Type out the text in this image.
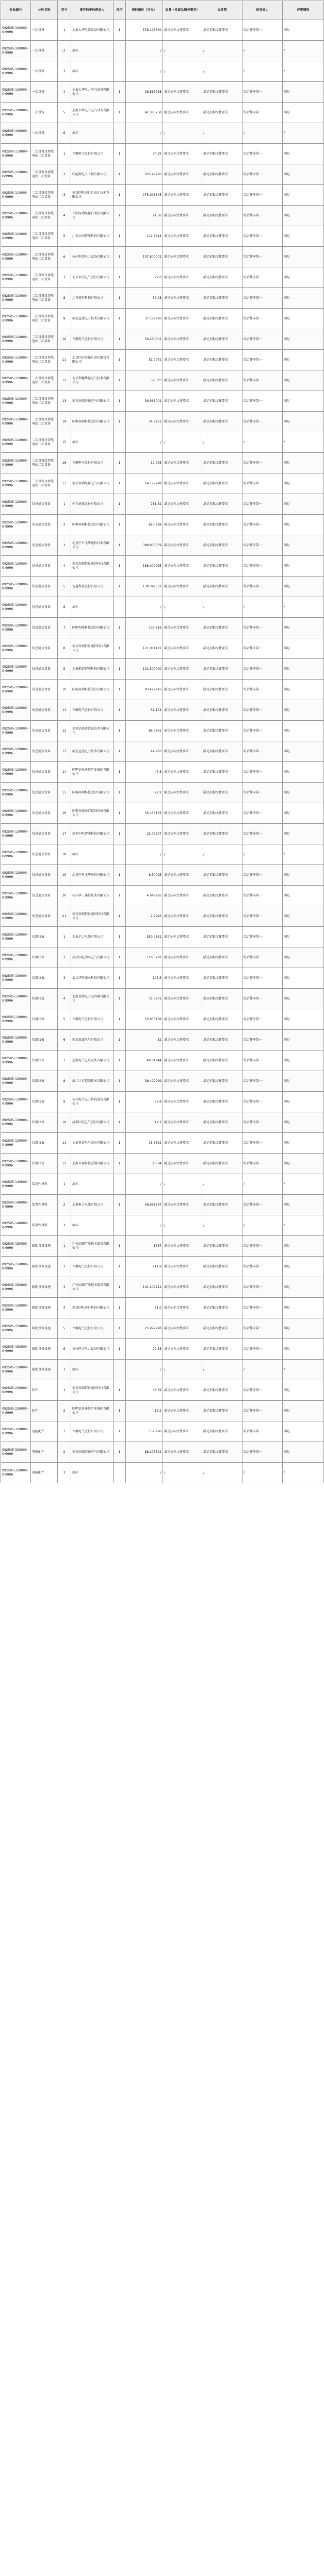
分标编号	分标名称	包号	推荐的中标候选人	排序	投标报价（万元）	质量（性能及服务要求）	交货期	供货能力	评审情况
092505-100000-0-9996	一次设备	1	上海大华电器设备有限公司	1	578.193300	满足招标文件要求	满足招标文件要求	综合排序第一	满足
092505-100000-0-9996	一次设备	2	流标		/	/	/	/	/
092505-100000-0-9996	一次设备	3	流标		/	/	/	/	/
092505-100000-0-9996	一次设备	4	上海大华电力电气设备有限公司	1	28.813938	满足招标文件要求	满足招标文件要求	综合排序第一	满足
092505-100000-0-9996	一次设备	5	上海大华电力电气设备有限公司	1	42.385758	满足招标文件要求	满足招标文件要求	综合排序第一	满足
092505-100000-0-9996	一次设备	6	流标		/	/	/	/	/
092505-110000-0-9996	二次设备及智能电站二次设备	1	许继电气股份有限公司	1	74.35	满足招标文件要求	满足招标文件要求	综合排序第一	满足
092505-110000-0-9996	二次设备及智能电站二次设备	2	中能源电力工程有限公司	1	225.49995	满足招标文件要求	满足招标文件要求	综合排序第一	满足
092505-110000-0-9996	二次设备及智能电站二次设备	3	南京国电南自自动化技术有限公司	1	275.998545	满足招标文件要求	满足招标文件要求	综合排序第一	满足
092505-110000-0-9996	二次设备及智能电站二次设备	4	长园深瑞继保自动化有限公司	1	21.36	满足招标文件要求	满足招标文件要求	综合排序第一	满足
092505-110000-0-9996	二次设备及智能电站二次设备	5	江苏水网智能科技有限公司	1	142.8414	满足招标文件要求	满足招标文件要求	综合排序第一	满足
092505-110000-0-9996	二次设备及智能电站二次设备	6	杭州恒信电力设备有限公司	1	107.800001	满足招标文件要求	满足招标文件要求	综合排序第一	满足
092505-110000-0-9996	二次设备及智能电站二次设备	7	北京双杰电气股份有限公司	1	22.0	满足招标文件要求	满足招标文件要求	综合排序第一	满足
092505-110000-0-9996	二次设备及智能电站二次设备	8	江苏宏恒科技有限公司	1	37.08	满足招标文件要求	满足招标文件要求	综合排序第一	满足
092505-110000-0-9996	二次设备及智能电站二次设备	9	河北冠达电力技术有限公司	1	37.179996	满足招标文件要求	满足招标文件要求	综合排序第一	满足
092505-110000-0-9996	二次设备及智能电站二次设备	10	许继电气股份有限公司	1	50.260001	满足招标文件要求	满足招标文件要求	综合排序第一	满足
092505-110000-0-9996	二次设备及智能电站二次设备	11	北京四方继保自动化股份有限公司	1	51.2072	满足招标文件要求	满足招标文件要求	综合排序第一	满足
092505-110000-0-9996	二次设备及智能电站二次设备	12	北京利德华福电气技术有限公司	1	59.325	满足招标文件要求	满足招标文件要求	综合排序第一	满足
092505-110000-0-9996	二次设备及智能电站二次设备	13	南京南瑞继保电气有限公司	1	39.966001	满足招标文件要求	满足招标文件要求	综合排序第一	满足
092505-110000-0-9996	二次设备及智能电站二次设备	14	国电南瑞科技股份有限公司	1	34.9961	满足招标文件要求	满足招标文件要求	综合排序第一	满足
092505-110000-0-9996	二次设备及智能电站二次设备	15	流标		/	/	/	/	/
092505-110000-0-9996	二次设备及智能电站二次设备	16	许继电气股份有限公司	1	12.995	满足招标文件要求	满足招标文件要求	综合排序第一	满足
092505-110000-0-9996	二次设备及智能电站二次设备	17	南京南瑞继保电气有限公司	1	14.179998	满足招标文件要求	满足招标文件要求	综合排序第一	满足
092505-120000-0-9996	信息通信设备	1	中兴通讯股份有限公司	1	781.32	满足招标文件要求	满足招标文件要求	综合排序第一	满足
092505-120000-0-9996	信息通信设备	2	国电南瑞科技股份有限公司	1	610.888	满足招标文件要求	满足招标文件要求	综合排序第一	满足
092505-120000-0-9996	信息通信设备	3	北京中兴飞华通信技术有限公司	1	399.900559	满足招标文件要求	满足招标文件要求	综合排序第一	满足
092505-120000-0-9996	信息通信设备	4	南京南瑞信息通信科技有限公司	1	188.009965	满足招标文件要求	满足招标文件要求	综合排序第一	满足
092505-120000-0-9996	信息通信设备	5	智慧科技股份有限公司	1	130.342562	满足招标文件要求	满足招标文件要求	综合排序第一	满足
092505-120000-0-9996	信息通信设备	6	流标		/	/	/	/	/
092505-120000-0-9996	信息通信设备	7	国网智能科技股份有限公司	1	135.216	满足招标文件要求	满足招标文件要求	综合排序第一	满足
092505-120000-0-9996	信息通信设备	8	南京南瑞信息通信科技有限公司	1	121.001181	满足招标文件要求	满足招标文件要求	综合排序第一	满足
092505-120000-0-9996	信息通信设备	9	上海勤信智能科技有限公司	1	101.500000	满足招标文件要求	满足招标文件要求	综合排序第一	满足
092505-120000-0-9996	信息通信设备	10	国电南瑞科技股份有限公司	1	93.477216	满足招标文件要求	满足招标文件要求	综合排序第一	满足
092505-120000-0-9996	信息通信设备	11	许继电气股份有限公司	1	51.174	满足招标文件要求	满足招标文件要求	综合排序第一	满足
092505-120000-0-9996	信息通信设备	12	福建亿能达信息技术有限公司	1	66.0761	满足招标文件要求	满足招标文件要求	综合排序第一	满足
092505-120000-0-9996	信息通信设备	13	河北冠达电力技术有限公司	1	44.983	满足招标文件要求	满足招标文件要求	综合排序第一	满足
092505-120000-0-9996	信息通信设备	14	国网信息通信产业集团有限公司	1	47.6	满足招标文件要求	满足招标文件要求	综合排序第一	满足
092505-120000-0-9996	信息通信设备	15	国电南瑞科技股份有限公司	1	29.2	满足招标文件要求	满足招标文件要求	综合排序第一	满足
092505-120000-0-9996	信息通信设备	16	国电南瑞南京控制系统有限公司	1	35.453176	满足招标文件要求	满足招标文件要求	综合排序第一	满足
092505-120000-0-9996	信息通信设备	17	深圳中电智能科技有限公司	1	23.02807	满足招标文件要求	满足招标文件要求	综合排序第一	满足
092505-120000-0-9996	信息通信设备	18	流标		/	/	/	/	/
092505-120000-0-9996	信息通信设备	19	北京中电飞华通信有限公司	1	8.50095	满足招标文件要求	满足招标文件要求	综合排序第一	满足
092505-120000-0-9996	信息通信设备	20	杭州华三通信技术有限公司	1	4.949995	满足招标文件要求	满足招标文件要求	综合排序第一	满足
092505-120000-0-9996	信息通信设备	21	南京南瑞信息通信科技有限公司	1	2.2945	满足招标文件要求	满足招标文件要求	综合排序第一	满足
092505-130000-0-9996	仪器仪表	1	上海亿力电器有限公司	1	359.9651	满足招标文件要求	满足招标文件要求	综合排序第一	满足
092505-130000-0-9996	仪器仪表	2	武汉国电西高电气有限公司	1	126.3792	满足招标文件要求	满足招标文件要求	综合排序第一	满足
092505-130000-0-9996	仪器仪表	3	武汉华电顺承科技有限公司	1	196.6	满足招标文件要求	满足招标文件要求	综合排序第一	满足
092505-130000-0-9996	仪器仪表	4	上海思源电力电容器有限公司	1	71.6601	满足招标文件要求	满足招标文件要求	综合排序第一	满足
092505-130000-0-9996	仪器仪表	5	许继电气股份有限公司	1	55.855168	满足招标文件要求	满足招标文件要求	综合排序第一	满足
092505-130000-0-9996	仪器仪表	6	南京亚派电气有限公司	1	52	满足招标文件要求	满足招标文件要求	综合排序第一	满足
092505-130000-0-9996	仪器仪表	7	上海电气电站设备有限公司	1	49.81944	满足招标文件要求	满足招标文件要求	综合排序第一	满足
092505-130000-0-9996	仪器仪表	8	浙江三方控制技术有限公司	1	38.499999	满足招标文件要求	满足招标文件要求	综合排序第一	满足
092505-130000-0-9996	仪器仪表	9	杭州海兴电力科技股份有限公司	1	36.9	满足招标文件要求	满足招标文件要求	综合排序第一	满足
092505-130000-0-9996	仪器仪表	10	成都国光电气股份有限公司	1	19.1	满足招标文件要求	满足招标文件要求	综合排序第一	满足
092505-130000-0-9996	仪器仪表	11	上海置信电气股份有限公司	1	15.6392	满足招标文件要求	满足招标文件要求	综合排序第一	满足
092505-130000-0-9996	仪器仪表	12	上海亚琛科技发展有限公司	1	16.84	满足招标文件要求	满足招标文件要求	综合排序第一	满足
092505-140000-0-9996	装置性材料	1	流标		/	/	/	/	/
092505-140000-0-9996	装置性材料	2	上海电力电缆有限公司	1	56.981787	满足招标文件要求	满足招标文件要求	综合排序第一	满足
092505-140000-0-9996	装置性材料	3	流标		/	/	/	/	/
092505-150000-0-9996	辅助设备设施	1	广州高澜节能技术股份有限公司	1	1787	满足招标文件要求	满足招标文件要求	综合排序第一	满足
092505-150000-0-9996	辅助设备设施	2	许继电气股份有限公司	1	211.8	满足招标文件要求	满足招标文件要求	综合排序第一	满足
092505-150000-0-9996	辅助设备设施	3	广州高澜节能技术股份有限公司	1	101.209712	满足招标文件要求	满足招标文件要求	综合排序第一	满足
092505-150000-0-9996	辅助设备设施	4	南京国电南自科技有限公司	1	51.0	满足招标文件要求	满足招标文件要求	综合排序第一	满足
092505-150000-0-9996	辅助设备设施	5	许继电气股份有限公司	1	25.999998	满足招标文件要求	满足招标文件要求	综合排序第一	满足
092505-150000-0-9996	辅助设备设施	6	杭州西子电力设备有限公司	1	29.38	满足招标文件要求	满足招标文件要求	综合排序第一	满足
092505-150000-0-9996	辅助设备设施	7	流标		/	/	/	/	/
092505-230000-0-9996	软件	1	南京南瑞信息通信科技有限公司	1	48.59	满足招标文件要求	满足招标文件要求	综合排序第一	满足
092505-230000-0-9996	软件	2	国网信息通信产业集团有限公司	1	19.2	满足招标文件要求	满足招标文件要求	综合排序第一	满足
092505-320000-0-9996	电能配件	1	许继电气股份有限公司	1	157.296	满足招标文件要求	满足招标文件要求	综合排序第一	满足
092505-320000-0-9996	电能配件	2	南京南瑞继保电气有限公司	1	88.205542	满足招标文件要求	满足招标文件要求	综合排序第一	满足
092505-320000-0-9996	电能配件	3	流标		/	/	/	/	/
